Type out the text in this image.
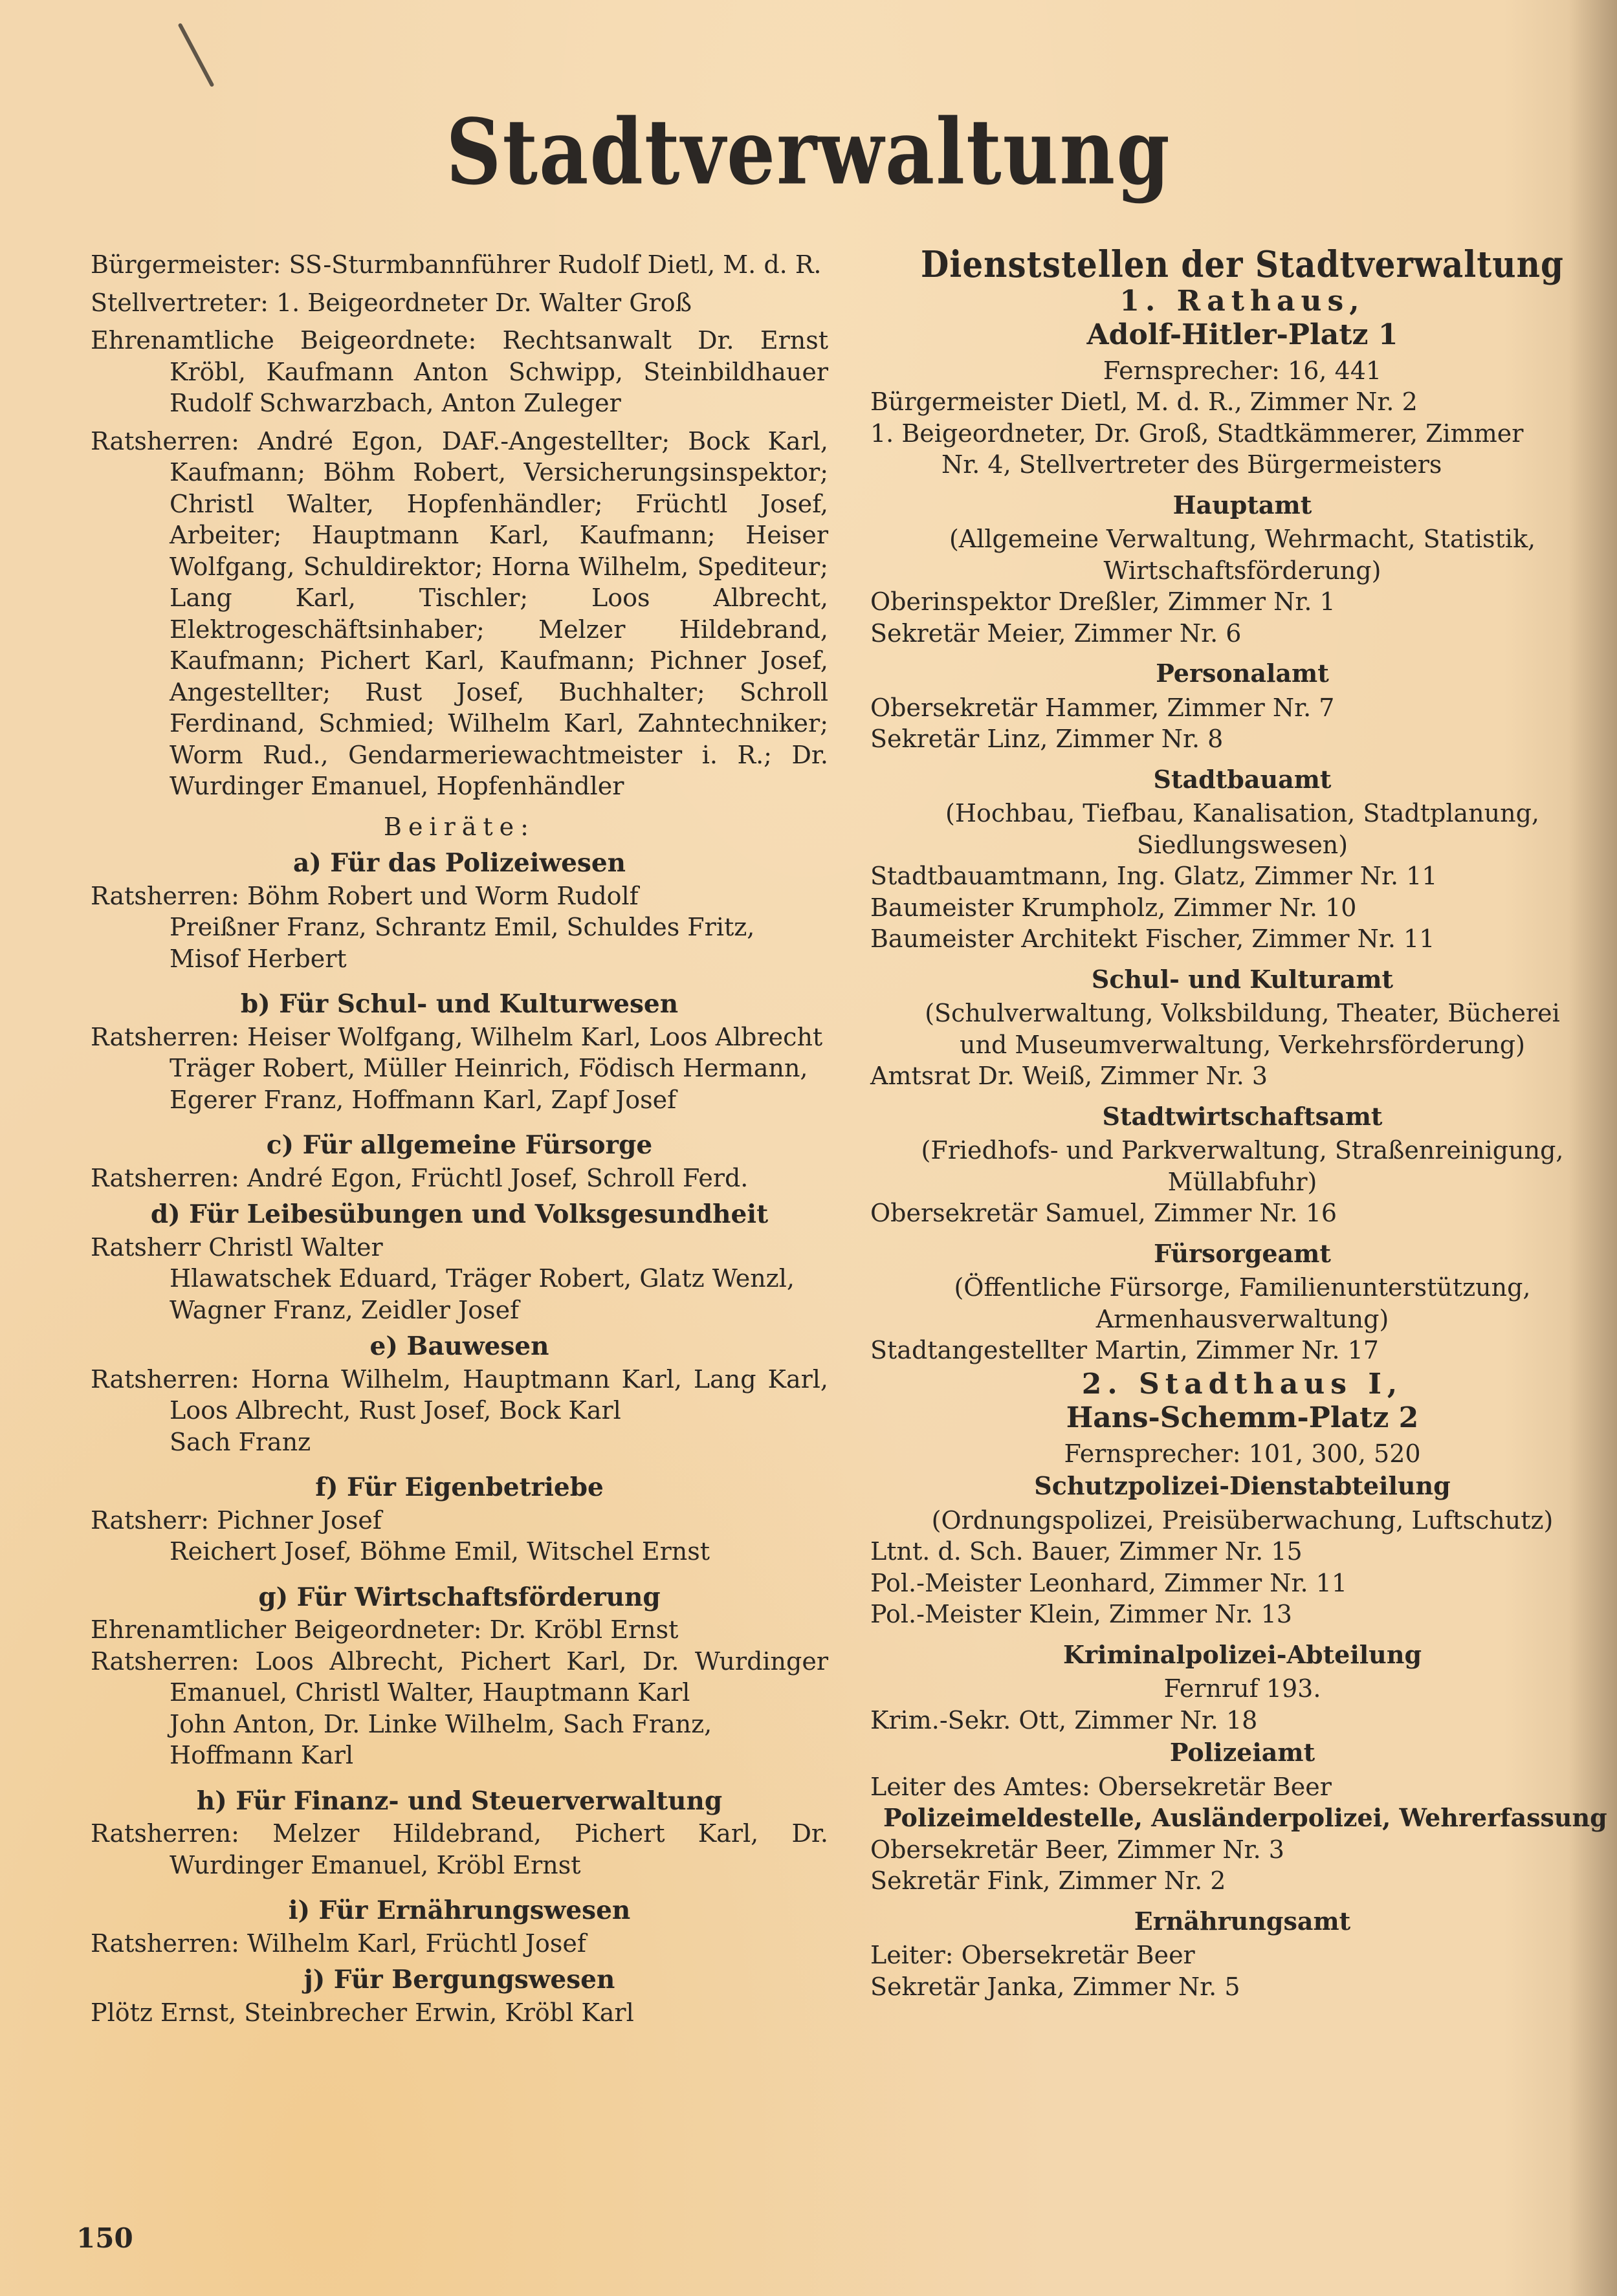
Stadtverwaltung

Bürgermeister: SS-Sturmbannführer Rudolf Dietl, M. d. R.

Stellvertreter: 1. Beigeordneter Dr. Walter Groß

Ehrenamtliche Beigeordnete: Rechtsanwalt Dr. Ernst Kröbl, Kaufmann Anton Schwipp, Steinbildhauer Rudolf Schwarzbach, Anton Zuleger

Ratsherren: André Egon, DAF.-Angestellter; Bock Karl, Kaufmann; Böhm Robert, Versicherungsinspektor; Christl Walter, Hopfenhändler; Früchtl Josef, Arbeiter; Hauptmann Karl, Kaufmann; Heiser Wolfgang, Schuldirektor; Horna Wilhelm, Spediteur; Lang Karl, Tischler; Loos Albrecht, Elektrogeschäftsinhaber; Melzer Hildebrand, Kaufmann; Pichert Karl, Kaufmann; Pichner Josef, Angestellter; Rust Josef, Buchhalter; Schroll Ferdinand, Schmied; Wilhelm Karl, Zahntechniker; Worm Rud., Gendarmeriewachtmeister i. R.; Dr. Wurdinger Emanuel, Hopfenhändler

Beiräte:
a) Für das Polizeiwesen

Ratsherren: Böhm Robert und Worm Rudolf

Preißner Franz, Schrantz Emil, Schuldes Fritz, Misof Herbert

b) Für Schul- und Kulturwesen

Ratsherren: Heiser Wolfgang, Wilhelm Karl, Loos Albrecht

Träger Robert, Müller Heinrich, Födisch Hermann, Egerer Franz, Hoffmann Karl, Zapf Josef

c) Für allgemeine Fürsorge

Ratsherren: André Egon, Früchtl Josef, Schroll Ferd.

d) Für Leibesübungen und Volksgesundheit

Ratsherr Christl Walter

Hlawatschek Eduard, Träger Robert, Glatz Wenzl, Wagner Franz, Zeidler Josef

e) Bauwesen

Ratsherren: Horna Wilhelm, Hauptmann Karl, Lang Karl, Loos Albrecht, Rust Josef, Bock Karl

Sach Franz

f) Für Eigenbetriebe

Ratsherr: Pichner Josef

Reichert Josef, Böhme Emil, Witschel Ernst

g) Für Wirtschaftsförderung

Ehrenamtlicher Beigeordneter: Dr. Kröbl Ernst

Ratsherren: Loos Albrecht, Pichert Karl, Dr. Wurdinger Emanuel, Christl Walter, Hauptmann Karl

John Anton, Dr. Linke Wilhelm, Sach Franz, Hoffmann Karl

h) Für Finanz- und Steuerverwaltung

Ratsherren: Melzer Hildebrand, Pichert Karl, Dr. Wurdinger Emanuel, Kröbl Ernst

i) Für Ernährungswesen

Ratsherren: Wilhelm Karl, Früchtl Josef

j) Für Bergungswesen

Plötz Ernst, Steinbrecher Erwin, Kröbl Karl

Dienststellen der Stadtverwaltung
1. Rathaus,
Adolf-Hitler-Platz 1
Fernsprecher: 16, 441

Bürgermeister Dietl, M. d. R., Zimmer Nr. 2

1. Beigeordneter, Dr. Groß, Stadtkämmerer, Zimmer

Nr. 4, Stellvertreter des Bürgermeisters

Hauptamt
(Allgemeine Verwaltung, Wehrmacht, Statistik,
Wirtschaftsförderung)

Oberinspektor Dreßler, Zimmer Nr. 1

Sekretär Meier, Zimmer Nr. 6

Personalamt

Obersekretär Hammer, Zimmer Nr. 7

Sekretär Linz, Zimmer Nr. 8

Stadtbauamt
(Hochbau, Tiefbau, Kanalisation, Stadtplanung,
Siedlungswesen)

Stadtbauamtmann, Ing. Glatz, Zimmer Nr. 11

Baumeister Krumpholz, Zimmer Nr. 10

Baumeister Architekt Fischer, Zimmer Nr. 11

Schul- und Kulturamt
(Schulverwaltung, Volksbildung, Theater, Bücherei
und Museumverwaltung, Verkehrsförderung)

Amtsrat Dr. Weiß, Zimmer Nr. 3

Stadtwirtschaftsamt
(Friedhofs- und Parkverwaltung, Straßenreinigung,
Müllabfuhr)

Obersekretär Samuel, Zimmer Nr. 16

Fürsorgeamt
(Öffentliche Fürsorge, Familienunterstützung,
Armenhausverwaltung)

Stadtangestellter Martin, Zimmer Nr. 17

2. Stadthaus I,
Hans-Schemm-Platz 2
Fernsprecher: 101, 300, 520
Schutzpolizei-Dienstabteilung
(Ordnungspolizei, Preisüberwachung, Luftschutz)

Ltnt. d. Sch. Bauer, Zimmer Nr. 15

Pol.-Meister Leonhard, Zimmer Nr. 11

Pol.-Meister Klein, Zimmer Nr. 13

Kriminalpolizei-Abteilung
Fernruf 193.

Krim.-Sekr. Ott, Zimmer Nr. 18

Polizeiamt

Leiter des Amtes: Obersekretär Beer

Polizeimeldestelle, Ausländerpolizei, Wehrerfassung

Obersekretär Beer, Zimmer Nr. 3

Sekretär Fink, Zimmer Nr. 2

Ernährungsamt

Leiter: Obersekretär Beer

Sekretär Janka, Zimmer Nr. 5

150
